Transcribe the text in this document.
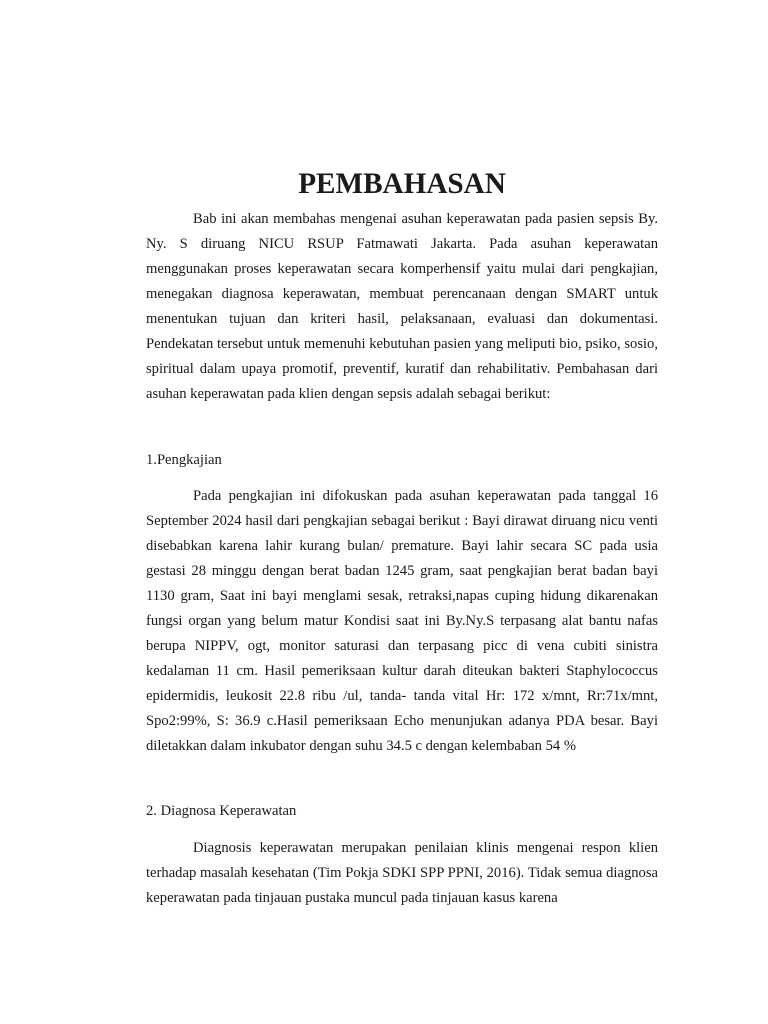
PEMBAHASAN

Bab ini akan membahas mengenai asuhan keperawatan pada pasien sepsis By. Ny. S diruang NICU RSUP Fatmawati Jakarta. Pada asuhan keperawatan menggunakan proses keperawatan secara komperhensif yaitu mulai dari pengkajian, menegakan diagnosa keperawatan, membuat perencanaan dengan SMART untuk menentukan tujuan dan kriteri hasil, pelaksanaan, evaluasi dan dokumentasi. Pendekatan tersebut untuk memenuhi kebutuhan pasien yang meliputi bio, psiko, sosio, spiritual dalam upaya promotif, preventif, kuratif dan rehabilitativ. Pembahasan dari asuhan keperawatan pada klien dengan sepsis adalah sebagai berikut:

1.Pengkajian

Pada pengkajian ini difokuskan pada asuhan keperawatan pada tanggal 16 September 2024 hasil dari pengkajian sebagai berikut : Bayi dirawat diruang nicu venti disebabkan karena lahir kurang bulan/ premature. Bayi lahir secara SC pada usia gestasi 28 minggu dengan berat badan 1245 gram, saat pengkajian berat badan bayi 1130 gram, Saat ini bayi menglami sesak, retraksi,napas cuping hidung dikarenakan fungsi organ yang belum matur Kondisi saat ini By.Ny.S terpasang alat bantu nafas berupa NIPPV, ogt, monitor saturasi dan terpasang picc di vena cubiti sinistra kedalaman 11 cm. Hasil pemeriksaan kultur darah diteukan bakteri Staphylococcus epidermidis, leukosit 22.8 ribu /ul, tanda- tanda vital Hr: 172 x/mnt, Rr:71x/mnt, Spo2:99%, S: 36.9 c.Hasil pemeriksaan Echo menunjukan adanya PDA besar. Bayi diletakkan dalam inkubator dengan suhu 34.5 c dengan kelembaban 54 %

2. Diagnosa Keperawatan

Diagnosis keperawatan merupakan penilaian klinis mengenai respon klien terhadap masalah kesehatan (Tim Pokja SDKI SPP PPNI, 2016). Tidak semua diagnosa keperawatan pada tinjauan pustaka muncul pada tinjauan kasus karena
